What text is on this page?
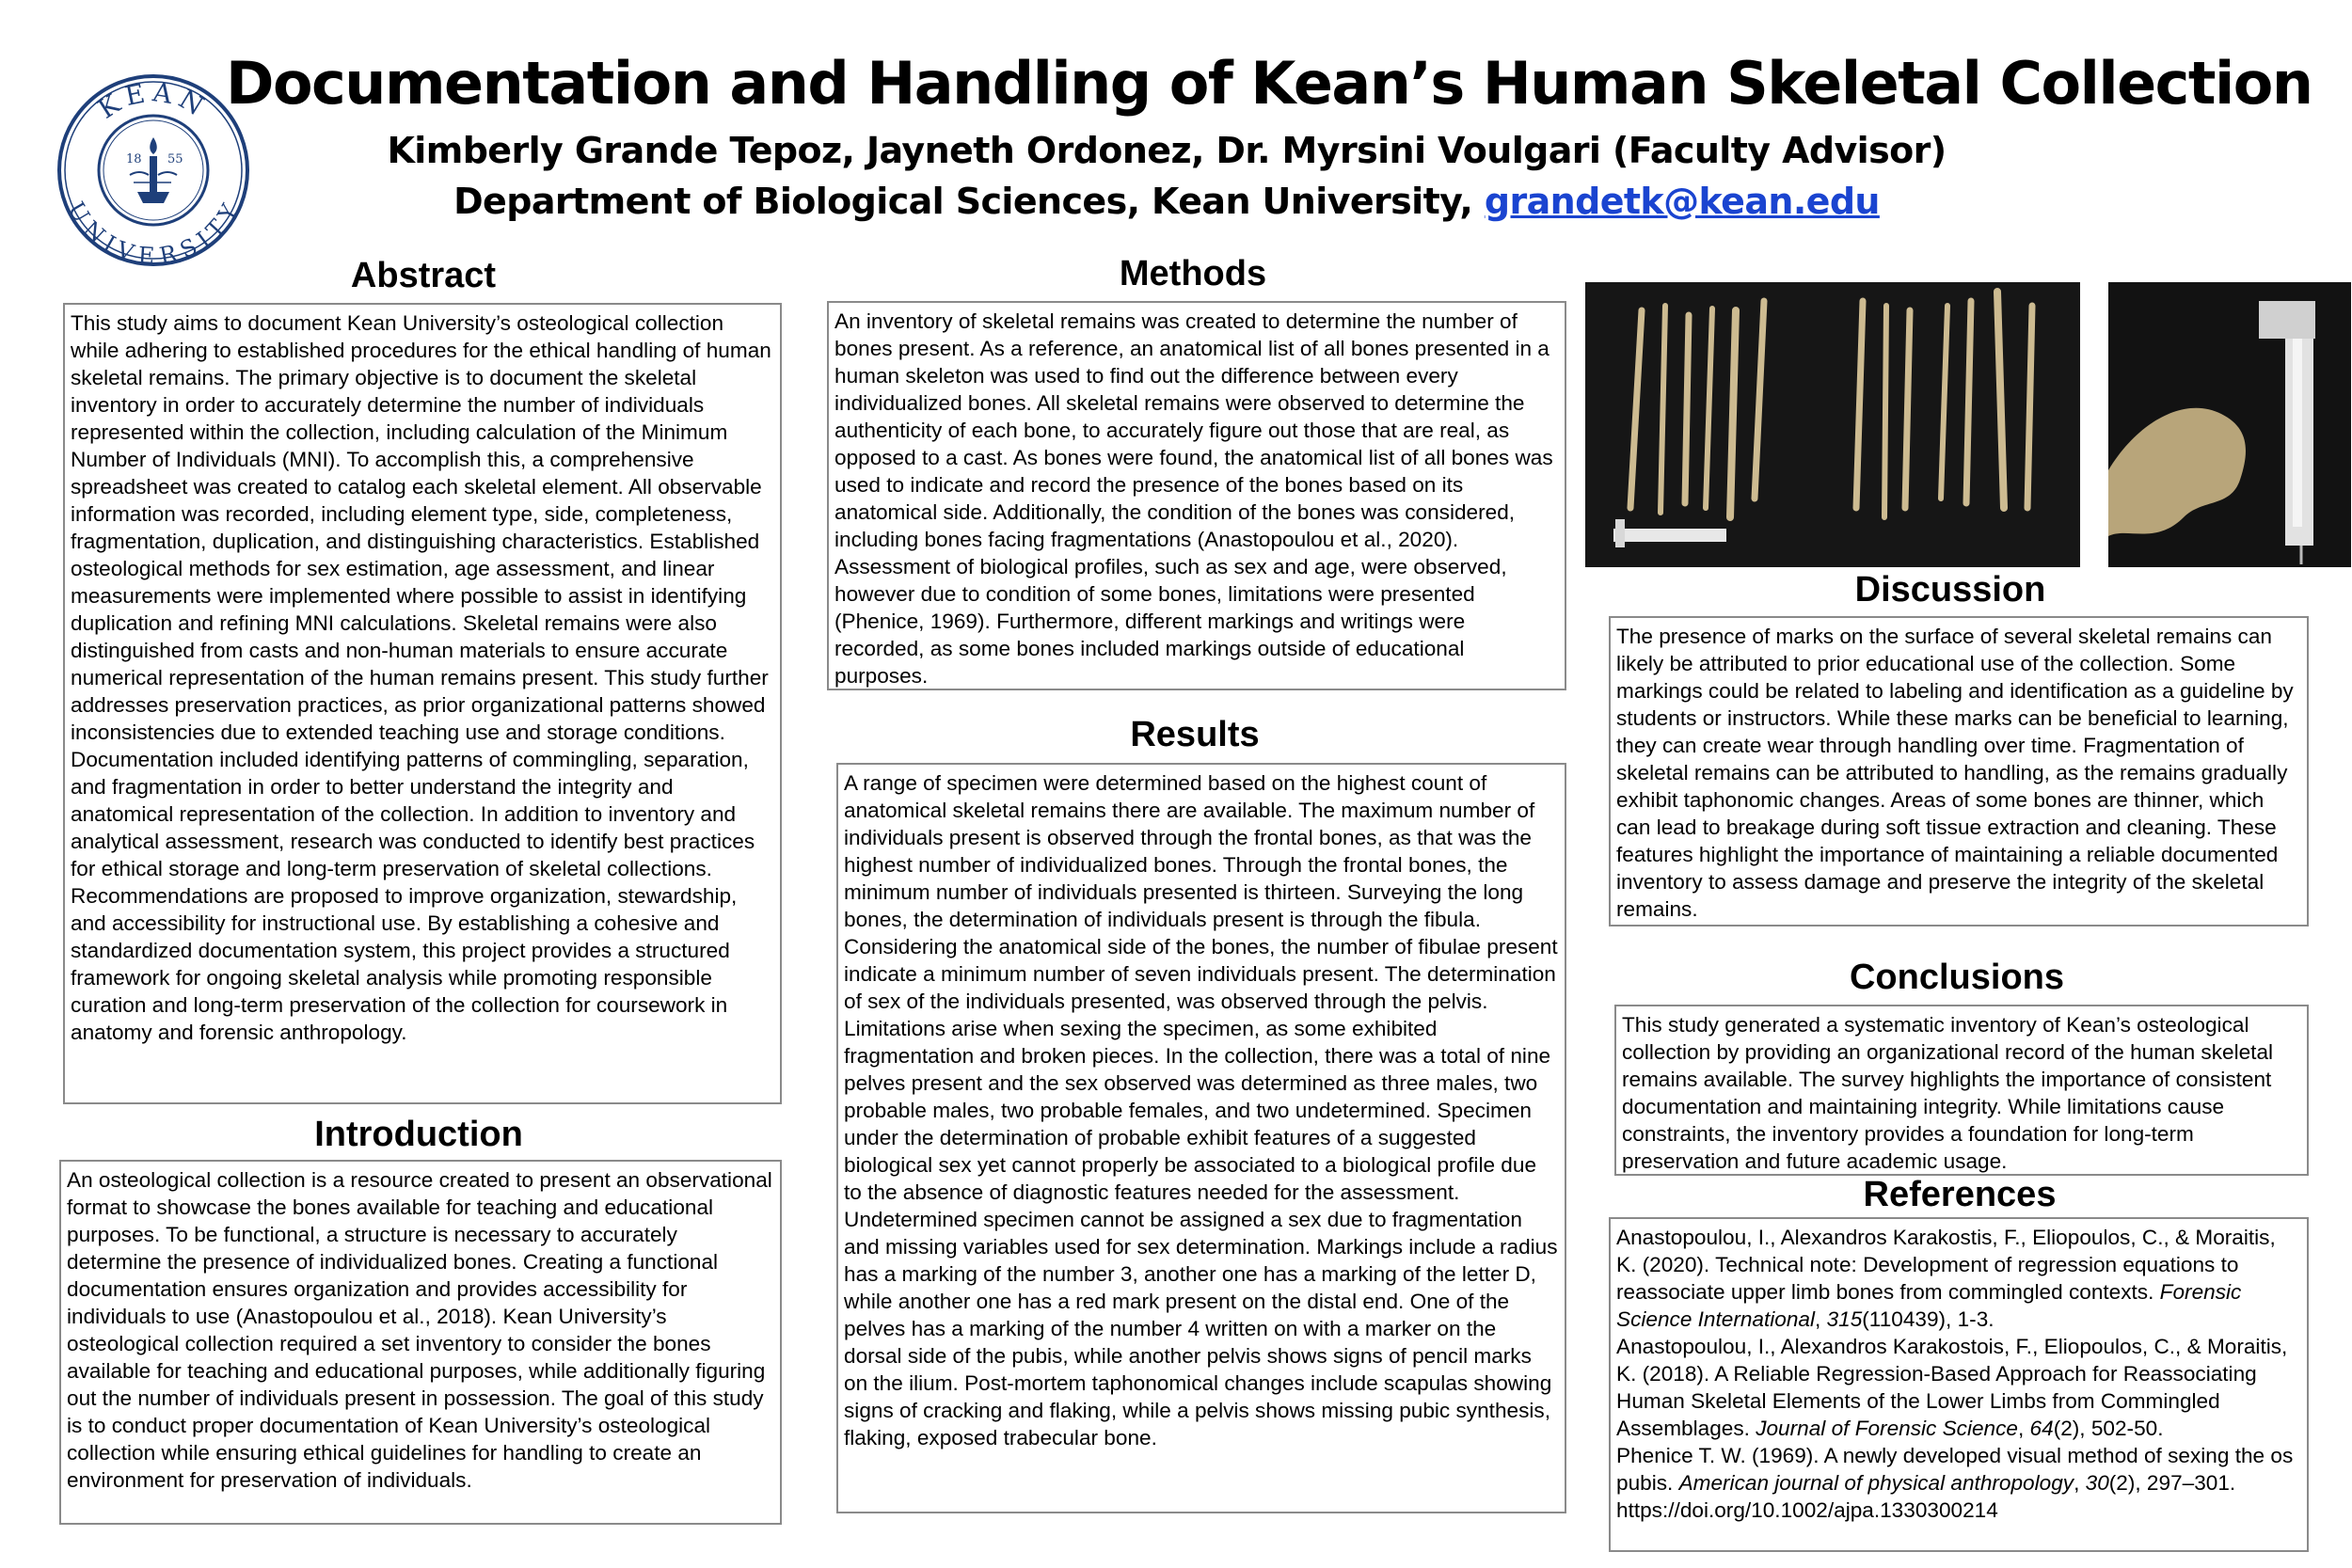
KEAN
UNIVERSITY
18 55
Documentation and Handling of Kean’s Human Skeletal Collection
Kimberly Grande Tepoz, Jayneth Ordonez, Dr. Myrsini Voulgari (Faculty Advisor)
Department of Biological Sciences, Kean University, grandetk@kean.edu
Abstract

This study aims to document Kean University’s osteological collection while adhering to established procedures for the ethical handling of human skeletal remains. The primary objective is to document the skeletal inventory in order to accurately determine the number of individuals represented within the collection, including calculation of the Minimum Number of Individuals (MNI). To accomplish this, a comprehensive spreadsheet was created to catalog each skeletal element. All observable information was recorded, including element type, side, completeness, fragmentation, duplication, and distinguishing characteristics. Established osteological methods for sex estimation, age assessment, and linear measurements were implemented where possible to assist in identifying duplication and refining MNI calculations. Skeletal remains were also distinguished from casts and non-human materials to ensure accurate numerical representation of the human remains present. This study further addresses preservation practices, as prior organizational patterns showed inconsistencies due to extended teaching use and storage conditions. Documentation included identifying patterns of commingling, separation, and fragmentation in order to better understand the integrity and anatomical representation of the collection. In addition to inventory and analytical assessment, research was conducted to identify best practices for ethical storage and long-term preservation of skeletal collections. Recommendations are proposed to improve organization, stewardship, and accessibility for instructional use. By establishing a cohesive and standardized documentation system, this project provides a structured framework for ongoing skeletal analysis while promoting responsible curation and long-term preservation of the collection for coursework in anatomy and forensic anthropology.

Introduction

An osteological collection is a resource created to present an observational format to showcase the bones available for teaching and educational purposes. To be functional, a structure is necessary to accurately determine the presence of individualized bones. Creating a functional documentation ensures organization and provides accessibility for individuals to use (Anastopoulou et al., 2018). Kean University’s osteological collection required a set inventory to consider the bones available for teaching and educational purposes, while additionally figuring out the number of individuals present in possession. The goal of this study is to conduct proper documentation of Kean University’s osteological collection while ensuring ethical guidelines for handling to create an environment for preservation of individuals.

Methods

An inventory of skeletal remains was created to determine the number of bones present. As a reference, an anatomical list of all bones presented in a human skeleton was used to find out the difference between every individualized bones. All skeletal remains were observed to determine the authenticity of each bone, to accurately figure out those that are real, as opposed to a cast. As bones were found, the anatomical list of all bones was used to indicate and record the presence of the bones based on its anatomical side. Additionally, the condition of the bones was considered, including bones facing fragmentations (Anastopoulou et al., 2020). Assessment of biological profiles, such as sex and age, were observed, however due to condition of some bones, limitations were presented (Phenice, 1969). Furthermore, different markings and writings were recorded, as some bones included markings outside of educational purposes.

Results

A range of specimen were determined based on the highest count of anatomical skeletal remains there are available. The maximum number of individuals present is observed through the frontal bones, as that was the highest number of individualized bones. Through the frontal bones, the minimum number of individuals presented is thirteen. Surveying the long bones, the determination of individuals present is through the fibula. Considering the anatomical side of the bones, the number of fibulae present indicate a minimum number of seven individuals present. The determination of sex of the individuals presented, was observed through the pelvis. Limitations arise when sexing the specimen, as some exhibited fragmentation and broken pieces. In the collection, there was a total of nine pelves present and the sex observed was determined as three males, two probable males, two probable females, and two undetermined. Specimen under the determination of probable exhibit features of a suggested biological sex yet cannot properly be associated to a biological profile due to the absence of diagnostic features needed for the assessment. Undetermined specimen cannot be assigned a sex due to fragmentation and missing variables used for sex determination. Markings include a radius has a marking of the number 3, another one has a marking of the letter D, while another one has a red mark present on the distal end. One of the pelves has a marking of the number 4 written on with a marker on the dorsal side of the pubis, while another pelvis shows signs of pencil marks on the ilium. Post-mortem taphonomical changes include scapulas showing signs of cracking and flaking, while a pelvis shows missing pubic synthesis, flaking, exposed trabecular bone.

Discussion

The presence of marks on the surface of several skeletal remains can likely be attributed to prior educational use of the collection. Some markings could be related to labeling and identification as a guideline by students or instructors. While these marks can be beneficial to learning, they can create wear through handling over time. Fragmentation of skeletal remains can be attributed to handling, as the remains gradually exhibit taphonomic changes. Areas of some bones are thinner, which can lead to breakage during soft tissue extraction and cleaning. These features highlight the importance of maintaining a reliable documented inventory to assess damage and preserve the integrity of the skeletal remains.

Conclusions

This study generated a systematic inventory of Kean’s osteological collection by providing an organizational record of the human skeletal remains available. The survey highlights the importance of consistent documentation and maintaining integrity. While limitations cause constraints, the inventory provides a foundation for long-term preservation and future academic usage.

References

Anastopoulou, I., Alexandros Karakostis, F., Eliopoulos, C., & Moraitis, K. (2020). Technical note: Development of regression equations to reassociate upper limb bones from commingled contexts. Forensic Science International, 315(110439), 1-3.

Anastopoulou, I., Alexandros Karakostois, F., Eliopoulos, C., & Moraitis, K. (2018). A Reliable Regression-Based Approach for Reassociating Human Skeletal Elements of the Lower Limbs from Commingled Assemblages. Journal of Forensic Science, 64(2), 502-50.

Phenice T. W. (1969). A newly developed visual method of sexing the os pubis. American journal of physical anthropology, 30(2), 297–301. https://doi.org/10.1002/ajpa.1330300214
